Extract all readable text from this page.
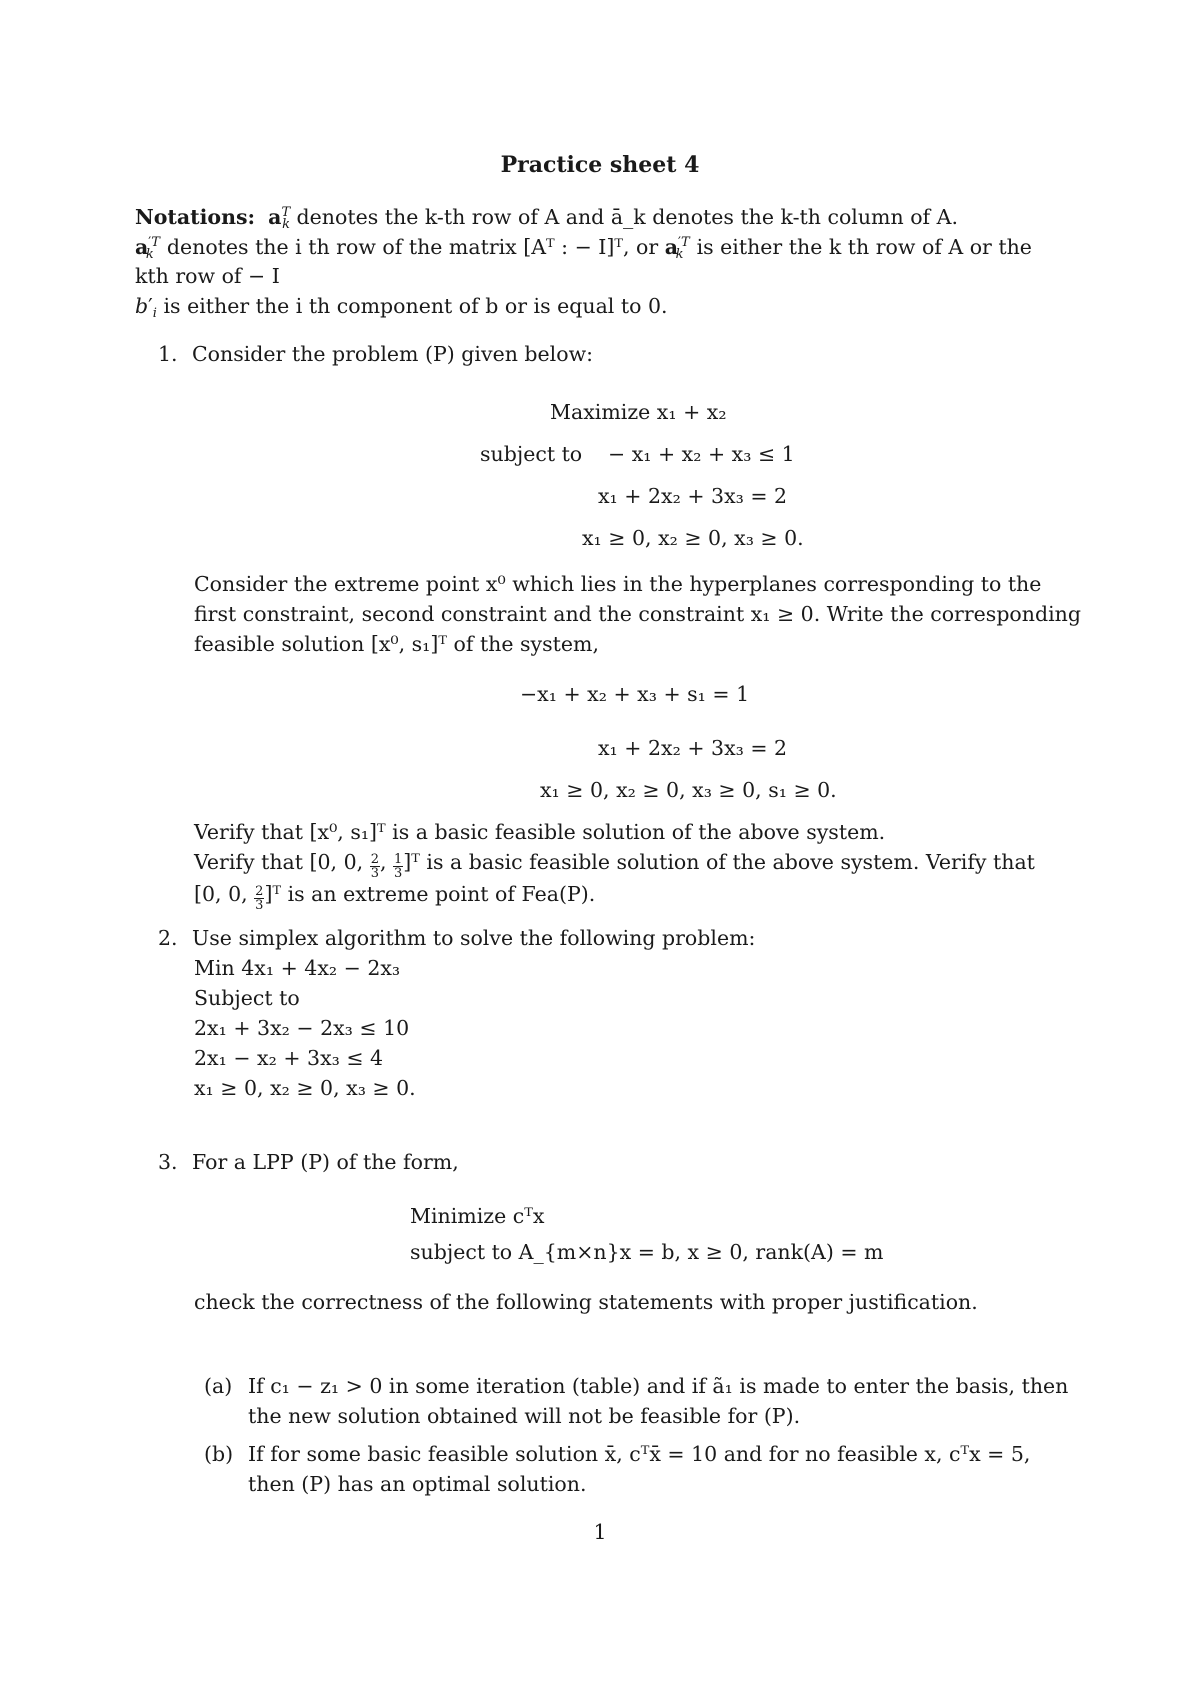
Practice sheet 4
Notations: $a^T_k$ denotes the k-th row of A and ā_k denotes the k-th column of A.
$a^{'T}_k$ denotes the i th row of the matrix [Aᵀ : − I]ᵀ, or $a^{'T}_k$ is either the k th row of A or the
kth row of − I
$b'_i$ is either the i th component of b or is equal to 0.
1. Consider the problem (P) given below:
Maximize x₁ + x₂
subject to − x₁ + x₂ + x₃ ≤ 1
x₁ + 2x₂ + 3x₃ = 2
x₁ ≥ 0, x₂ ≥ 0, x₃ ≥ 0.
Consider the extreme point x⁰ which lies in the hyperplanes corresponding to the
first constraint, second constraint and the constraint x₁ ≥ 0. Write the corresponding
feasible solution [x⁰, s₁]ᵀ of the system,
−x₁ + x₂ + x₃ + s₁ = 1
x₁ + 2x₂ + 3x₃ = 2
x₁ ≥ 0, x₂ ≥ 0, x₃ ≥ 0, s₁ ≥ 0.
Verify that [x⁰, s₁]ᵀ is a basic feasible solution of the above system.
Verify that [0, 0, $\frac{2}{3}$ , $\frac{1}{3}$ ]ᵀ is a basic feasible solution of the above system. Verify that
[0, 0, $\frac{2}{3}$ ]ᵀ is an extreme point of Fea(P).
2. Use simplex algorithm to solve the following problem:
Min 4x₁ + 4x₂ − 2x₃
Subject to
2x₁ + 3x₂ − 2x₃ ≤ 10
2x₁ − x₂ + 3x₃ ≤ 4
x₁ ≥ 0, x₂ ≥ 0, x₃ ≥ 0.
3. For a LPP (P) of the form,
Minimize cᵀx
subject to A_{m×n}x = b, x ≥ 0, rank(A) = m
check the correctness of the following statements with proper justification.
(a) If c₁ − z₁ > 0 in some iteration (table) and if ã₁ is made to enter the basis, then
the new solution obtained will not be feasible for (P).
(b) If for some basic feasible solution x̄, cᵀx̄ = 10 and for no feasible x, cᵀx = 5,
then (P) has an optimal solution.
1
